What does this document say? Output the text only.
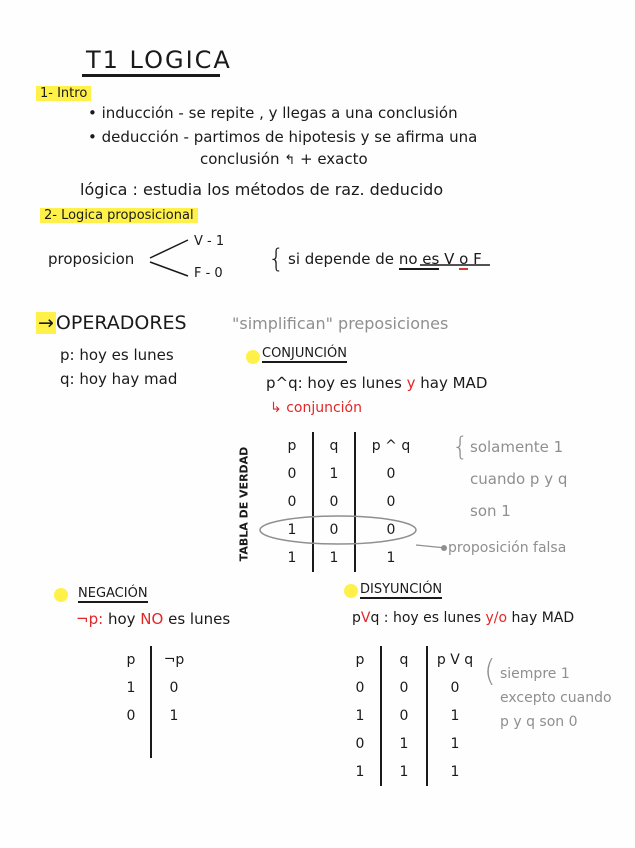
T1 LOGICA
1- Intro
• inducción - se repite , y llegas a una conclusión
• deducción - partimos de hipotesis y se afirma una
conclusión ↰ + exacto
lógica : estudia los métodos de raz. deducido
2- Logica proposicional
proposicion
V - 1
F - 0 { si depende de no es V o F
→ OPERADORES	"simplifican" preposiciones
p: hoy es lunes
q: hoy hay mad
CONJUNCIÓN
p^q: hoy es lunes y hay MAD
↳ conjunción
TABLA DE VERDAD
p	q	p ^ q
0	1	0
0	0	0
1	0	0
1	1	1
{ solamente 1
cuando p y q
son 1
proposición falsa
NEGACIÓN
¬p: hoy NO es lunes
p	¬p
1	0
0	1

DISYUNCIÓN
pVq : hoy es lunes y/o hay MAD
p	q	p V q
0	0	0
1	0	1
0	1	1
1	1	1
( siempre 1
excepto cuando
p y q son 0
